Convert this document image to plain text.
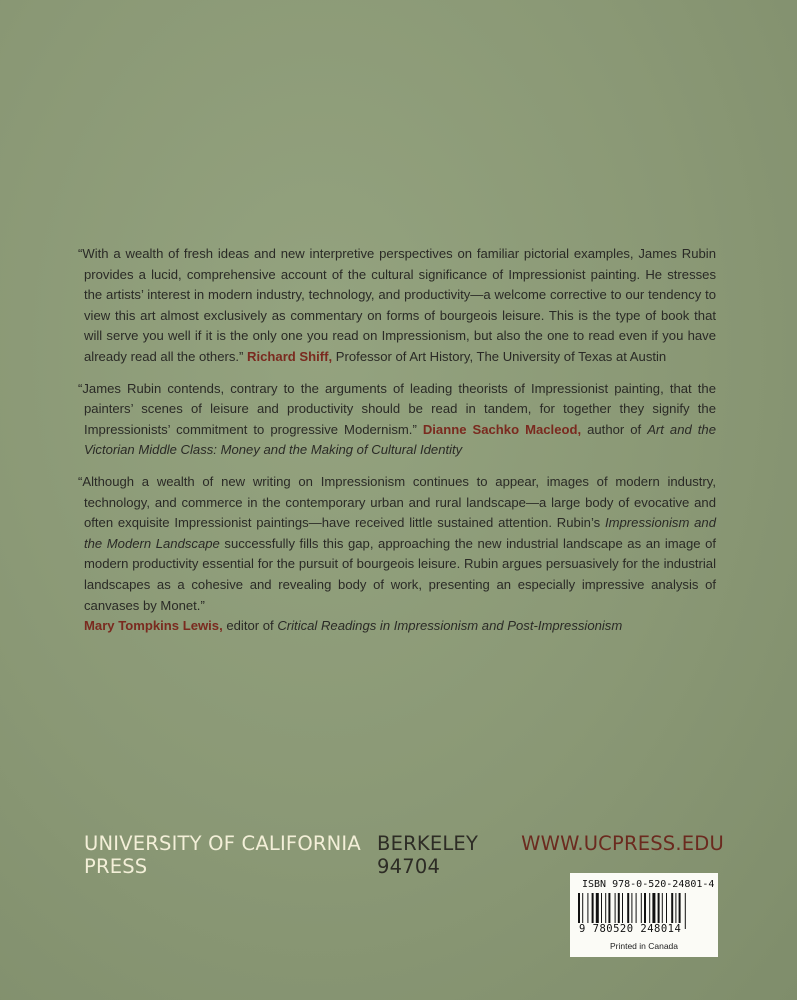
“With a wealth of fresh ideas and new interpretive perspectives on familiar pictorial examples, James Rubin provides a lucid, comprehensive account of the cultural significance of Impressionist painting. He stresses the artists’ interest in modern industry, technology, and productivity—a welcome corrective to our tendency to view this art almost exclusively as commentary on forms of bourgeois leisure. This is the type of book that will serve you well if it is the only one you read on Impressionism, but also the one to read even if you have already read all the others.” Richard Shiff, Professor of Art History, The University of Texas at Austin

“James Rubin contends, contrary to the arguments of leading theorists of Impressionist painting, that the painters’ scenes of leisure and productivity should be read in tandem, for together they signify the Impressionists’ commitment to progressive Modernism.” Dianne Sachko Macleod, author of Art and the Victorian Middle Class: Money and the Making of Cultural Identity

“Although a wealth of new writing on Impressionism continues to appear, images of modern industry, technology, and commerce in the contemporary urban and rural landscape—a large body of evocative and often exquisite Impressionist paintings—have received little sustained attention. Rubin’s Impressionism and the Modern Landscape successfully fills this gap, approaching the new industrial landscape as an image of modern productivity essential for the pursuit of bourgeois leisure. Rubin argues persuasively for the industrial landscapes as a cohesive and revealing body of work, presenting an especially impressive analysis of canvases by Monet.”
Mary Tompkins Lewis, editor of Critical Readings in Impressionism and Post-Impressionism

UNIVERSITY OF CALIFORNIA PRESS
BERKELEY 94704
WWW.UCPRESS.EDU
ISBN 978-0-520-24801-4
9 780520 248014
Printed in Canada
